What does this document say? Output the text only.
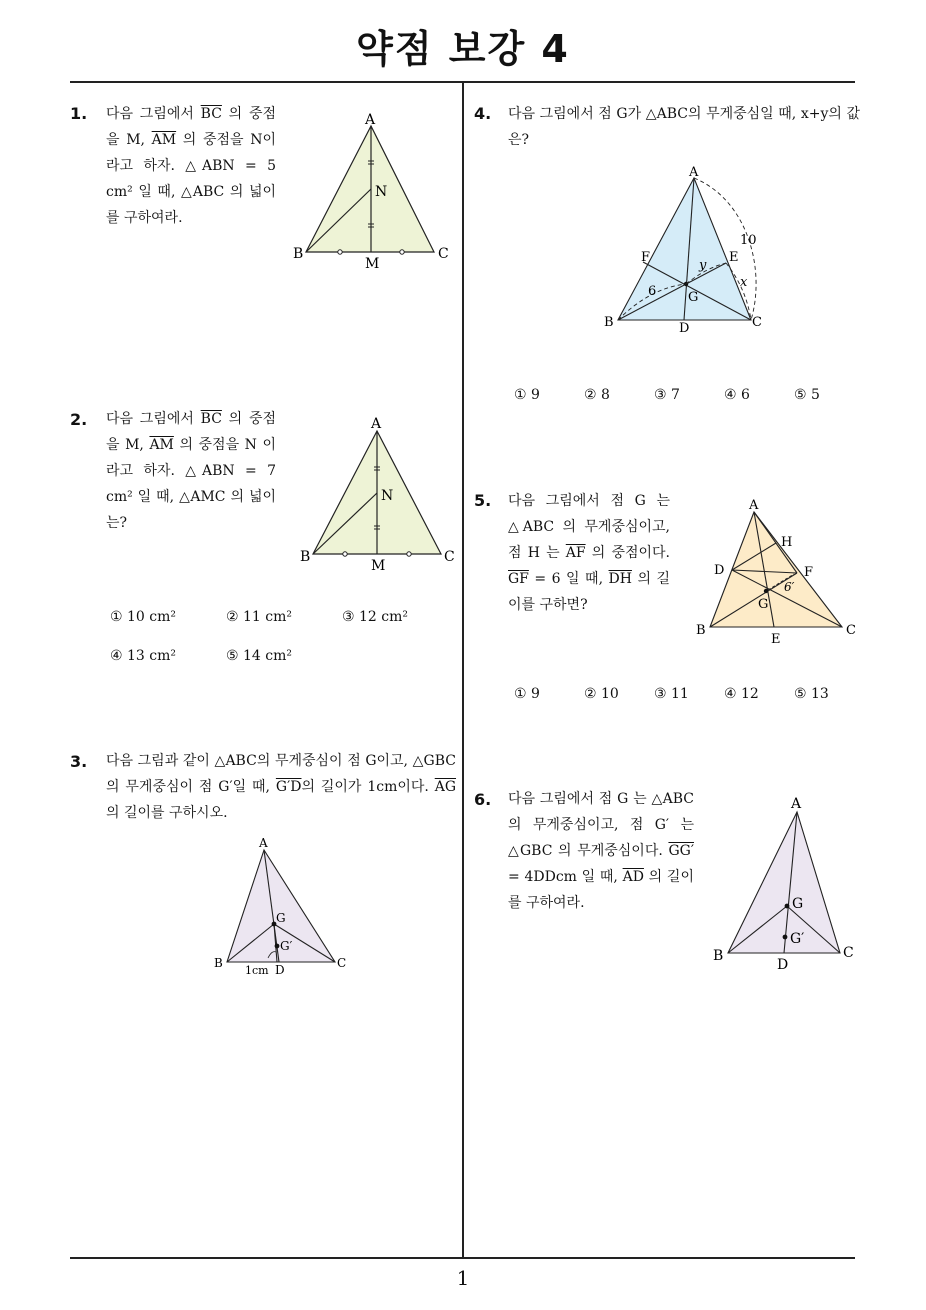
약점 보강 4
1
1. 다음 그림에서 $\overline{BC}$ 의 중점을 M, $\overline{AM}$ 의 중점을 N이라고 하자. △ABN = 5 cm² 일 때, △ABC 의 넓이를 구하여라.
A
B	C
M
N
2. 다음 그림에서 $\overline{BC}$ 의 중점을 M, $\overline{AM}$ 의 중점을 N 이라고 하자. △ABN = 7 cm² 일 때, △AMC 의 넓이는?
A
B	C
M
N
① 10 cm²	② 11 cm²	③ 12 cm²
④ 13 cm²	⑤ 14 cm²
3. 다음 그림과 같이 △ABC의 무게중심이 점 G이고, △GBC의 무게중심이 점 G′일 때, G′D의 길이가 1cm이다. $\overline{AG}$의 길이를 구하시오.
A
B	C
D
G
G′
1cm
4. 다음 그림에서 점 G가 △ABC의 무게중심일 때, x+y의 값은?
A
B	C
D
E
F
G
10
6
x
y
① 9	② 8	③ 7	④ 6	⑤ 5
5. 다음 그림에서 점 G 는 △ABC 의 무게중심이고, 점 H 는 $\overline{AF}$ 의 중점이다. $\overline{GF} = 6$ 일 때, $\overline{DH}$ 의 길이를 구하면?
A
B	C
D
E
F
G
H
6′
① 9	② 10	③ 11	④ 12	⑤ 13
6. 다음 그림에서 점 G 는 △ABC 의 무게중심이고, 점 G′ 는 △GBC 의 무게중심이다. GG′ = 4DDcm 일 때, $\overline{AD}$ 의 길이를 구하여라.
A
B	C
D
G
G′
